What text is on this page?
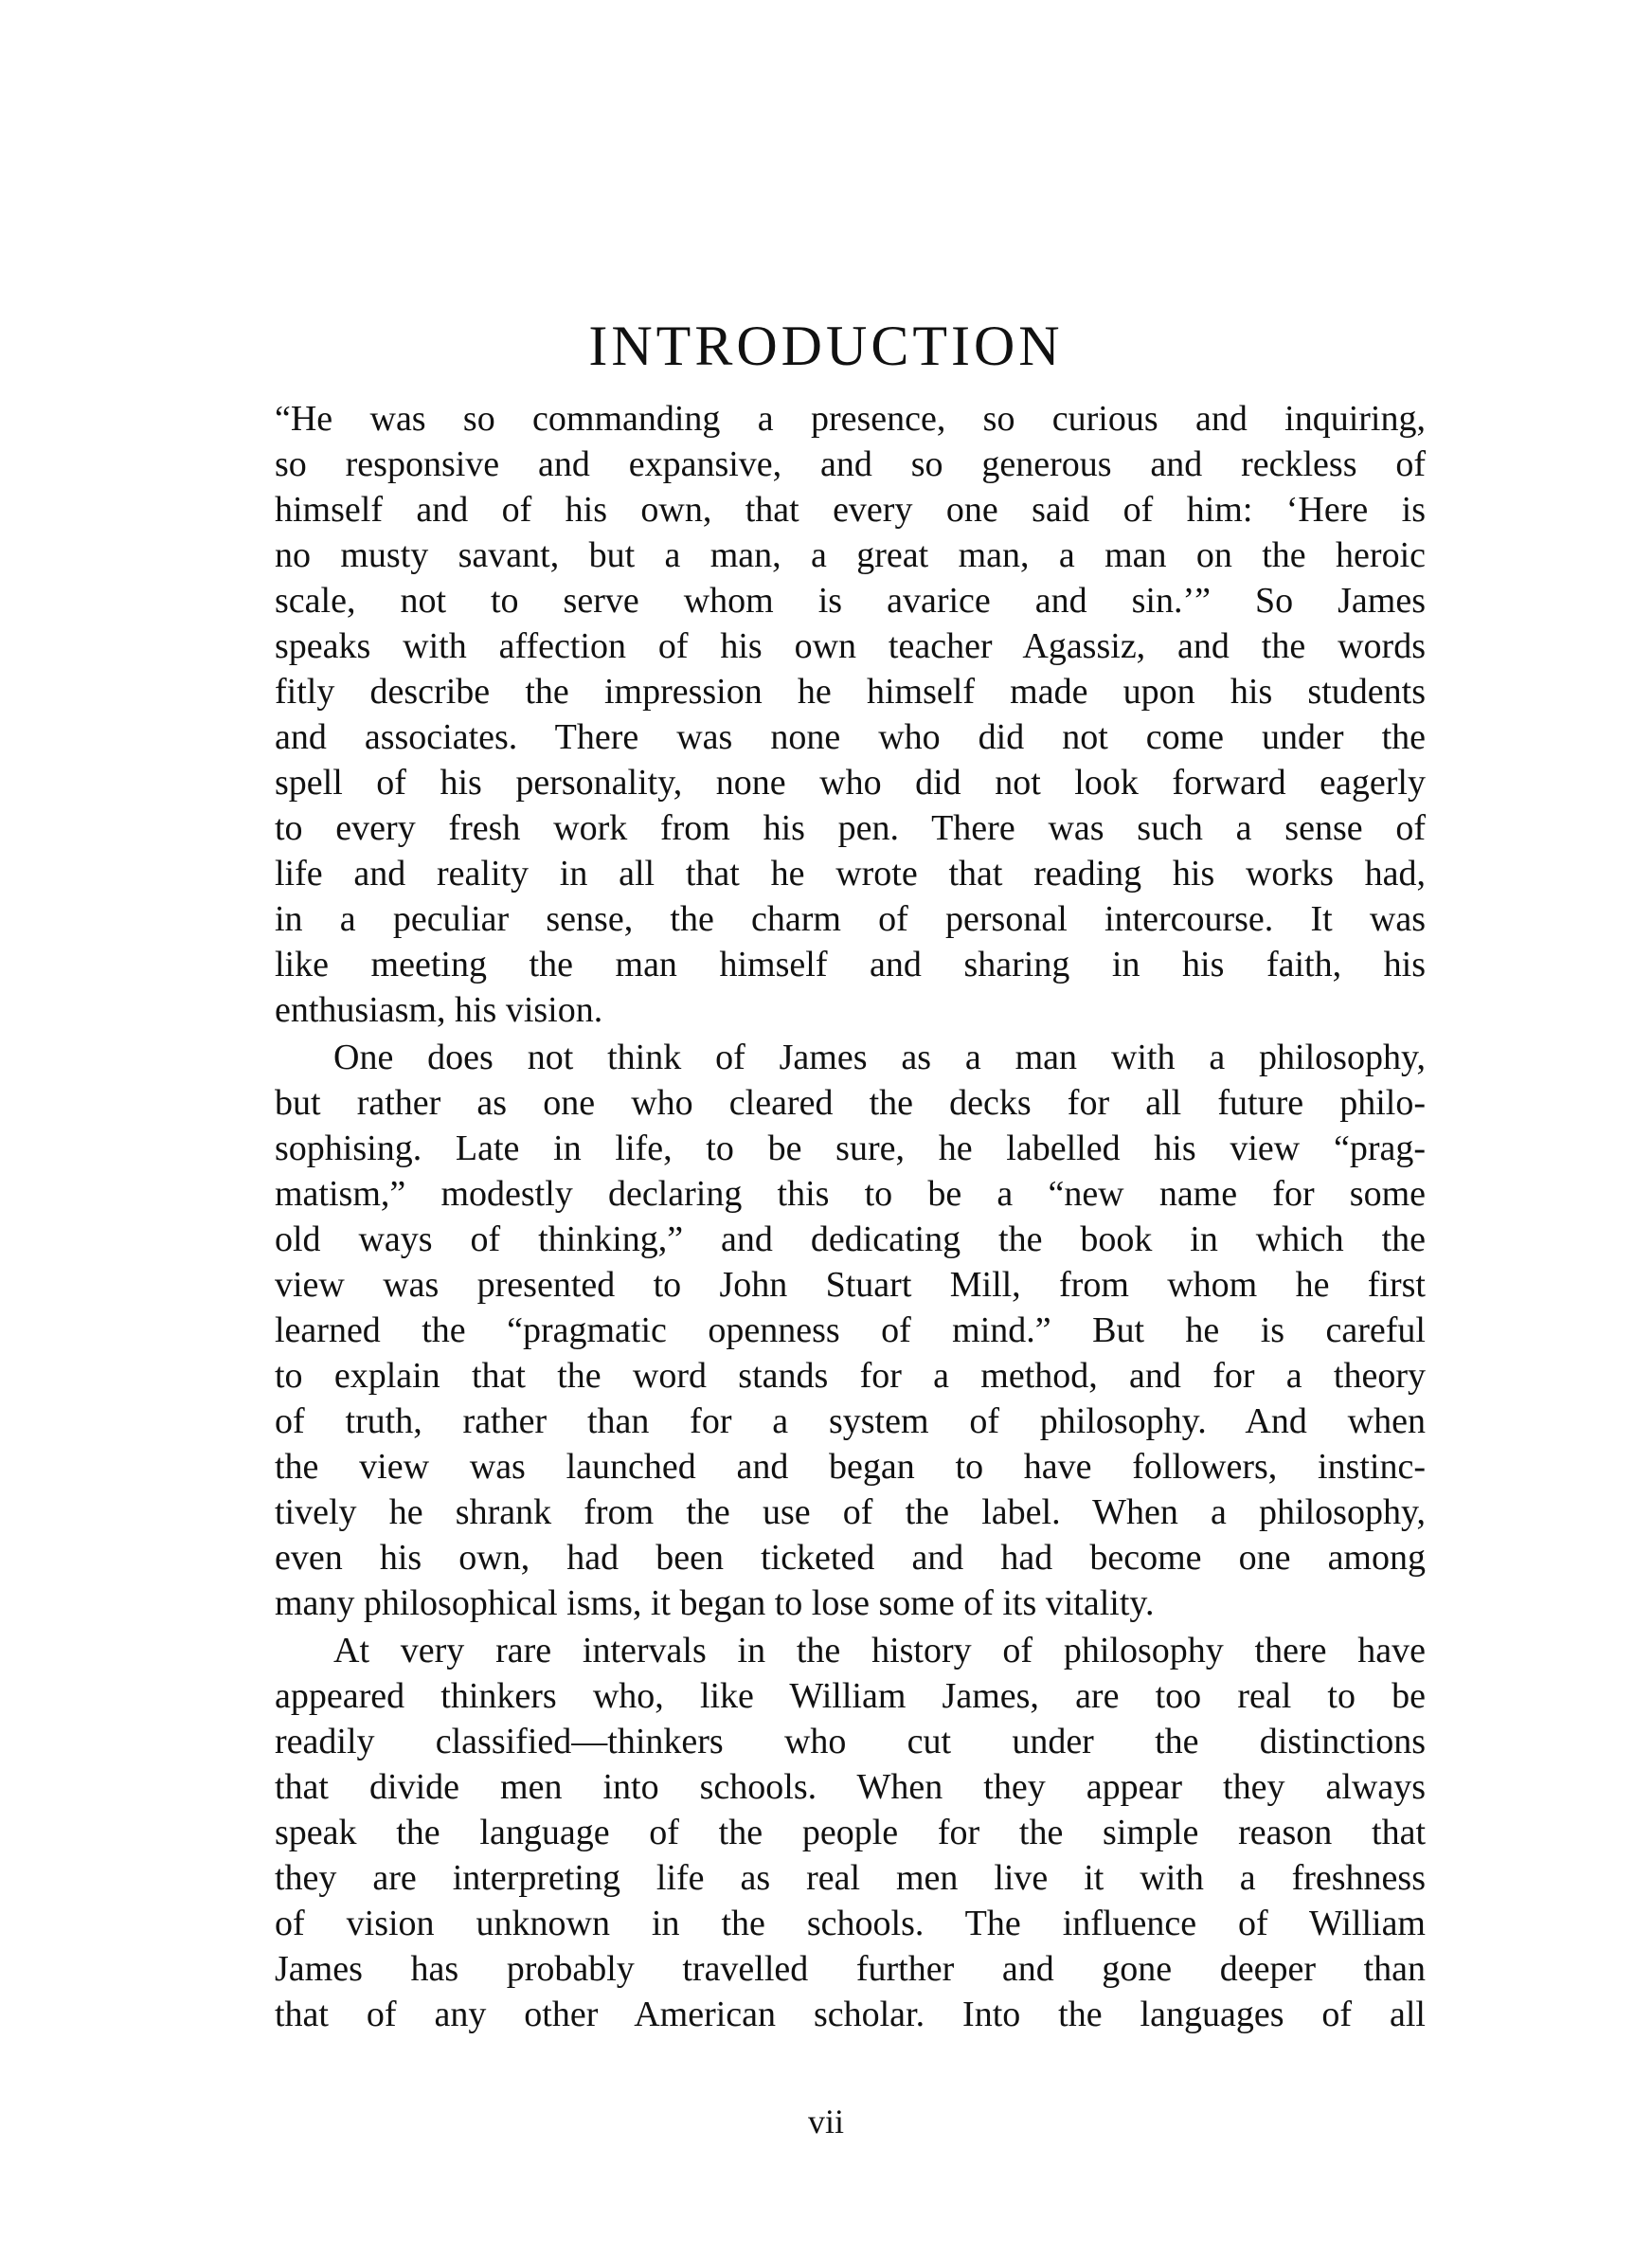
INTRODUCTION
“He was so commanding a presence, so curious and inquiring,
so responsive and expansive, and so generous and reckless of
himself and of his own, that every one said of him: ‘Here is
no musty savant, but a man, a great man, a man on the heroic
scale, not to serve whom is avarice and sin.’” So James
speaks with affection of his own teacher Agassiz, and the words
fitly describe the impression he himself made upon his students
and associates. There was none who did not come under the
spell of his personality, none who did not look forward eagerly
to every fresh work from his pen. There was such a sense of
life and reality in all that he wrote that reading his works had,
in a peculiar sense, the charm of personal intercourse. It was
like meeting the man himself and sharing in his faith, his
enthusiasm, his vision.
One does not think of James as a man with a philosophy,
but rather as one who cleared the decks for all future philo-
sophising. Late in life, to be sure, he labelled his view “prag-
matism,” modestly declaring this to be a “new name for some
old ways of thinking,” and dedicating the book in which the
view was presented to John Stuart Mill, from whom he first
learned the “pragmatic openness of mind.” But he is careful
to explain that the word stands for a method, and for a theory
of truth, rather than for a system of philosophy. And when
the view was launched and began to have followers, instinc-
tively he shrank from the use of the label. When a philosophy,
even his own, had been ticketed and had become one among
many philosophical isms, it began to lose some of its vitality.
At very rare intervals in the history of philosophy there have
appeared thinkers who, like William James, are too real to be
readily classified—thinkers who cut under the distinctions
that divide men into schools. When they appear they always
speak the language of the people for the simple reason that
they are interpreting life as real men live it with a freshness
of vision unknown in the schools. The influence of William
James has probably travelled further and gone deeper than
that of any other American scholar. Into the languages of all
vii
